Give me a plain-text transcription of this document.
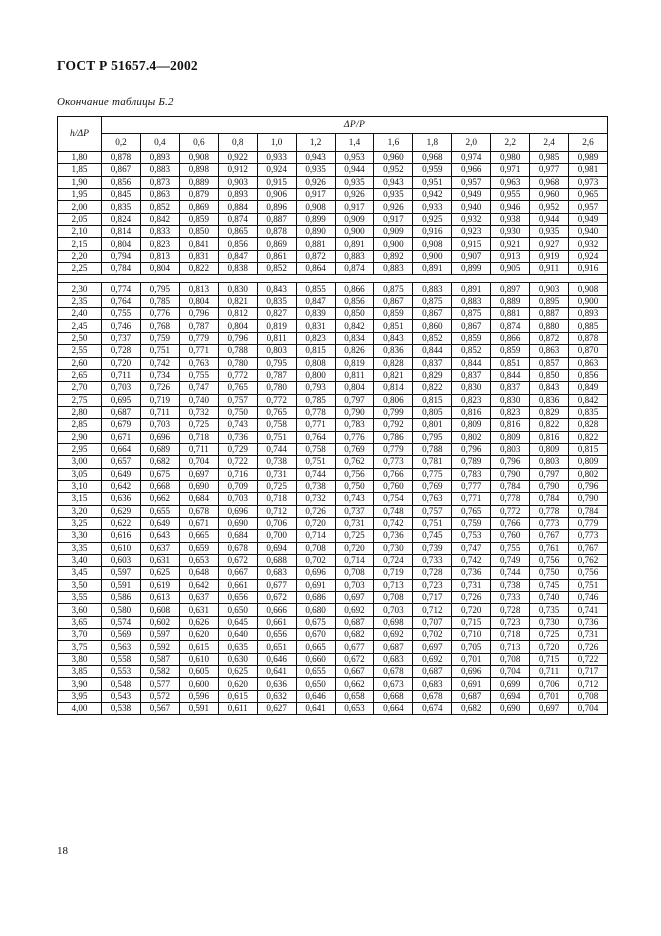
ГОСТ Р 51657.4—2002
Окончание таблицы Б.2
h/ΔP	ΔP/P												
	0,2	0,4	0,6	0,8	1,0	1,2	1,4	1,6	1,8	2,0	2,2	2,4	2,6
1,80	0,878	0,893	0,908	0,922	0,933	0,943	0,953	0,960	0,968	0,974	0,980	0,985	0,989
1,85	0,867	0,883	0,898	0,912	0,924	0,935	0,944	0,952	0,959	0,966	0,971	0,977	0,981
1,90	0,856	0,873	0,889	0,903	0,915	0,926	0,935	0,943	0,951	0,957	0,963	0,968	0,973
1,95	0,845	0,863	0,879	0,893	0,906	0,917	0,926	0,935	0,942	0,949	0,955	0,960	0,965
2,00	0,835	0,852	0,869	0,884	0,896	0,908	0,917	0,926	0,933	0,940	0,946	0,952	0,957
2,05	0,824	0,842	0,859	0,874	0,887	0,899	0,909	0,917	0,925	0,932	0,938	0,944	0,949
2,10	0,814	0,833	0,850	0,865	0,878	0,890	0,900	0,909	0,916	0,923	0,930	0,935	0,940
2,15	0,804	0,823	0,841	0,856	0,869	0,881	0,891	0,900	0,908	0,915	0,921	0,927	0,932
2,20	0,794	0,813	0,831	0,847	0,861	0,872	0,883	0,892	0,900	0,907	0,913	0,919	0,924
2,25	0,784	0,804	0,822	0,838	0,852	0,864	0,874	0,883	0,891	0,899	0,905	0,911	0,916

2,30	0,774	0,795	0,813	0,830	0,843	0,855	0,866	0,875	0,883	0,891	0,897	0,903	0,908
2,35	0,764	0,785	0,804	0,821	0,835	0,847	0,856	0,867	0,875	0,883	0,889	0,895	0,900
2,40	0,755	0,776	0,796	0,812	0,827	0,839	0,850	0,859	0,867	0,875	0,881	0,887	0,893
2,45	0,746	0,768	0,787	0,804	0,819	0,831	0,842	0,851	0,860	0,867	0,874	0,880	0,885
2,50	0,737	0,759	0,779	0,796	0,811	0,823	0,834	0,843	0,852	0,859	0,866	0,872	0,878
2,55	0,728	0,751	0,771	0,788	0,803	0,815	0,826	0,836	0,844	0,852	0,859	0,863	0,870
2,60	0,720	0,742	0,763	0,780	0,795	0,808	0,819	0,828	0,837	0,844	0,851	0,857	0,863
2,65	0,711	0,734	0,755	0,772	0,787	0,800	0,811	0,821	0,829	0,837	0,844	0,850	0,856
2,70	0,703	0,726	0,747	0,765	0,780	0,793	0,804	0,814	0,822	0,830	0,837	0,843	0,849
2,75	0,695	0,719	0,740	0,757	0,772	0,785	0,797	0,806	0,815	0,823	0,830	0,836	0,842
2,80	0,687	0,711	0,732	0,750	0,765	0,778	0,790	0,799	0,805	0,816	0,823	0,829	0,835
2,85	0,679	0,703	0,725	0,743	0,758	0,771	0,783	0,792	0,801	0,809	0,816	0,822	0,828
2,90	0,671	0,696	0,718	0,736	0,751	0,764	0,776	0,786	0,795	0,802	0,809	0,816	0,822
2,95	0,664	0,689	0,711	0,729	0,744	0,758	0,769	0,779	0,788	0,796	0,803	0,809	0,815
3,00	0,657	0,682	0,704	0,722	0,738	0,751	0,762	0,773	0,781	0,789	0,796	0,803	0,809
3,05	0,649	0,675	0,697	0,716	0,731	0,744	0,756	0,766	0,775	0,783	0,790	0,797	0,802
3,10	0,642	0,668	0,690	0,709	0,725	0,738	0,750	0,760	0,769	0,777	0,784	0,790	0,796
3,15	0,636	0,662	0,684	0,703	0,718	0,732	0,743	0,754	0,763	0,771	0,778	0,784	0,790
3,20	0,629	0,655	0,678	0,696	0,712	0,726	0,737	0,748	0,757	0,765	0,772	0,778	0,784
3,25	0,622	0,649	0,671	0,690	0,706	0,720	0,731	0,742	0,751	0,759	0,766	0,773	0,779
3,30	0,616	0,643	0,665	0,684	0,700	0,714	0,725	0,736	0,745	0,753	0,760	0,767	0,773
3,35	0,610	0,637	0,659	0,678	0,694	0,708	0,720	0,730	0,739	0,747	0,755	0,761	0,767
3,40	0,603	0,631	0,653	0,672	0,688	0,702	0,714	0,724	0,733	0,742	0,749	0,756	0,762
3,45	0,597	0,625	0,648	0,667	0,683	0,696	0,708	0,719	0,728	0,736	0,744	0,750	0,756
3,50	0,591	0,619	0,642	0,661	0,677	0,691	0,703	0,713	0,723	0,731	0,738	0,745	0,751
3,55	0,586	0,613	0,637	0,656	0,672	0,686	0,697	0,708	0,717	0,726	0,733	0,740	0,746
3,60	0,580	0,608	0,631	0,650	0,666	0,680	0,692	0,703	0,712	0,720	0,728	0,735	0,741
3,65	0,574	0,602	0,626	0,645	0,661	0,675	0,687	0,698	0,707	0,715	0,723	0,730	0,736
3,70	0,569	0,597	0,620	0,640	0,656	0,670	0,682	0,692	0,702	0,710	0,718	0,725	0,731
3,75	0,563	0,592	0,615	0,635	0,651	0,665	0,677	0,687	0,697	0,705	0,713	0,720	0,726
3,80	0,558	0,587	0,610	0,630	0,646	0,660	0,672	0,683	0,692	0,701	0,708	0,715	0,722
3,85	0,553	0,582	0,605	0,625	0,641	0,655	0,667	0,678	0,687	0,696	0,704	0,711	0,717
3,90	0,548	0,577	0,600	0,620	0,636	0,650	0,662	0,673	0,683	0,691	0,699	0,706	0,712
3,95	0,543	0,572	0,596	0,615	0,632	0,646	0,658	0,668	0,678	0,687	0,694	0,701	0,708
4,00	0,538	0,567	0,591	0,611	0,627	0,641	0,653	0,664	0,674	0,682	0,690	0,697	0,704
18
